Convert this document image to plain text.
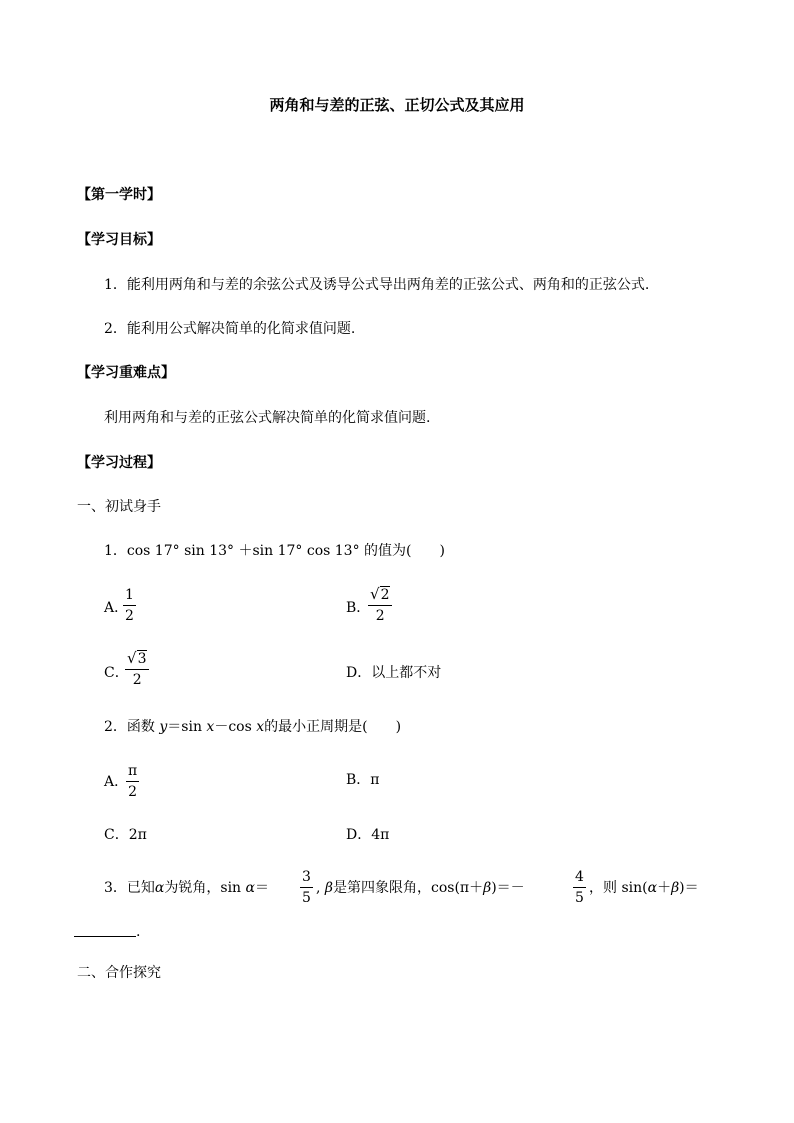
两角和与差的正弦、正切公式及其应用
【第一学时】
【学习目标】
1．能利用两角和与差的余弦公式及诱导公式导出两角差的正弦公式、两角和的正弦公式.
2．能利用公式解决简单的化简求值问题.
【学习重难点】
利用两角和与差的正弦公式解决简单的化简求值问题.
【学习过程】
一、初试身手
1．cos 17° sin 13° ＋sin 17° cos 13° 的值为(　　)
A．
1
2	B．
√ 2
2
C．
√ 3
2	D．以上都不对
2．函数 y＝sin x－cos x的最小正周期是(　　)
A．
π
2
B．π
C．2π	D．4π
3．已知α为锐角，sin α＝
3
5
, β是第四象限角，cos(π＋β)＝－
4
5
，则 sin(α＋β)＝
.
二、合作探究
